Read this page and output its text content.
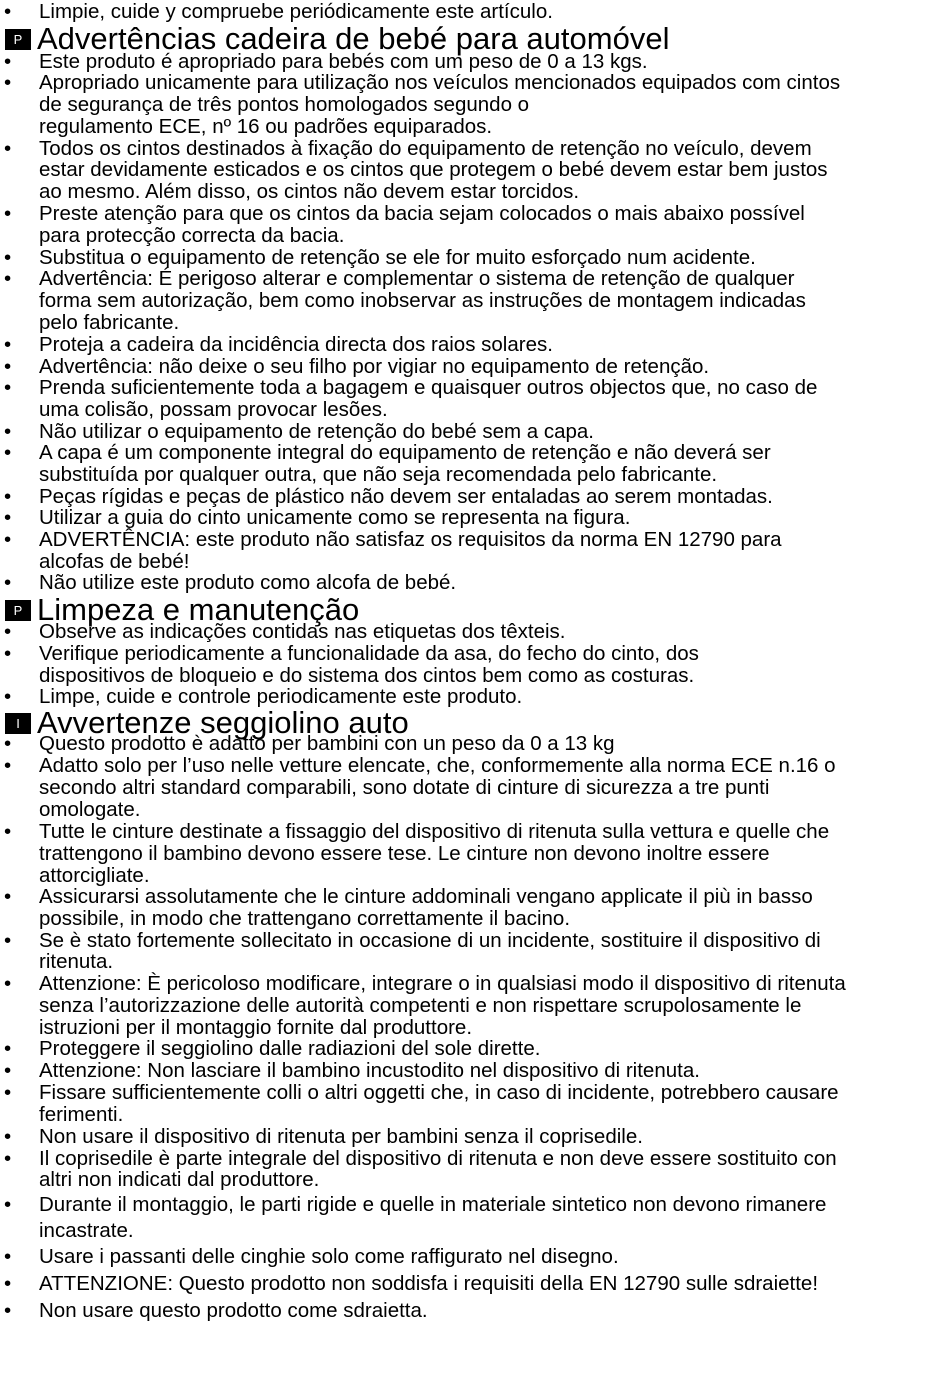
• Limpie, cuide y compruebe periódicamente este artículo.
P Advertências cadeira de bebé para automóvel
• Este produto é apropriado para bebés com um peso de 0 a 13 kgs.
• Apropriado unicamente para utilização nos veículos mencionados equipados com cintos
de segurança de três pontos homologados segundo o
regulamento ECE, nº 16 ou padrões equiparados.
• Todos os cintos destinados à fixação do equipamento de retenção no veículo, devem
estar devidamente esticados e os cintos que protegem o bebé devem estar bem justos
ao mesmo. Além disso, os cintos não devem estar torcidos.
• Preste atenção para que os cintos da bacia sejam colocados o mais abaixo possível
para protecção correcta da bacia.
• Substitua o equipamento de retenção se ele for muito esforçado num acidente.
• Advertência: É perigoso alterar e complementar o sistema de retenção de qualquer
forma sem autorização, bem como inobservar as instruções de montagem indicadas
pelo fabricante.
• Proteja a cadeira da incidência directa dos raios solares.
• Advertência: não deixe o seu filho por vigiar no equipamento de retenção.
• Prenda suficientemente toda a bagagem e quaisquer outros objectos que, no caso de
uma colisão, possam provocar lesões.
• Não utilizar o equipamento de retenção do bebé sem a capa.
• A capa é um componente integral do equipamento de retenção e não deverá ser
substituída por qualquer outra, que não seja recomendada pelo fabricante.
• Peças rígidas e peças de plástico não devem ser entaladas ao serem montadas.
• Utilizar a guia do cinto unicamente como se representa na figura.
• ADVERTÊNCIA: este produto não satisfaz os requisitos da norma EN 12790 para
alcofas de bebé!
• Não utilize este produto como alcofa de bebé.
P Limpeza e manutenção
• Observe as indicações contidas nas etiquetas dos têxteis.
• Verifique periodicamente a funcionalidade da asa, do fecho do cinto, dos
dispositivos de bloqueio e do sistema dos cintos bem como as costuras.
• Limpe, cuide e controle periodicamente este produto.
I Avvertenze seggiolino auto
• Questo prodotto è adatto per bambini con un peso da 0 a 13 kg
• Adatto solo per l’uso nelle vetture elencate, che, conformemente alla norma ECE n.16 o
secondo altri standard comparabili, sono dotate di cinture di sicurezza a tre punti
omologate.
• Tutte le cinture destinate a fissaggio del dispositivo di ritenuta sulla vettura e quelle che
trattengono il bambino devono essere tese. Le cinture non devono inoltre essere
attorcigliate.
• Assicurarsi assolutamente che le cinture addominali vengano applicate il più in basso
possibile, in modo che trattengano correttamente il bacino.
• Se è stato fortemente sollecitato in occasione di un incidente, sostituire il dispositivo di
ritenuta.
• Attenzione: È pericoloso modificare, integrare o in qualsiasi modo il dispositivo di ritenuta
senza l’autorizzazione delle autorità competenti e non rispettare scrupolosamente le
istruzioni per il montaggio fornite dal produttore.
• Proteggere il seggiolino dalle radiazioni del sole dirette.
• Attenzione: Non lasciare il bambino incustodito nel dispositivo di ritenuta.
• Fissare sufficientemente colli o altri oggetti che, in caso di incidente, potrebbero causare
ferimenti.
• Non usare il dispositivo di ritenuta per bambini senza il coprisedile.
• Il coprisedile è parte integrale del dispositivo di ritenuta e non deve essere sostituito con
altri non indicati dal produttore.
• Durante il montaggio, le parti rigide e quelle in materiale sintetico non devono rimanere
incastrate.
• Usare i passanti delle cinghie solo come raffigurato nel disegno.
• ATTENZIONE: Questo prodotto non soddisfa i requisiti della EN 12790 sulle sdraiette!
• Non usare questo prodotto come sdraietta.
